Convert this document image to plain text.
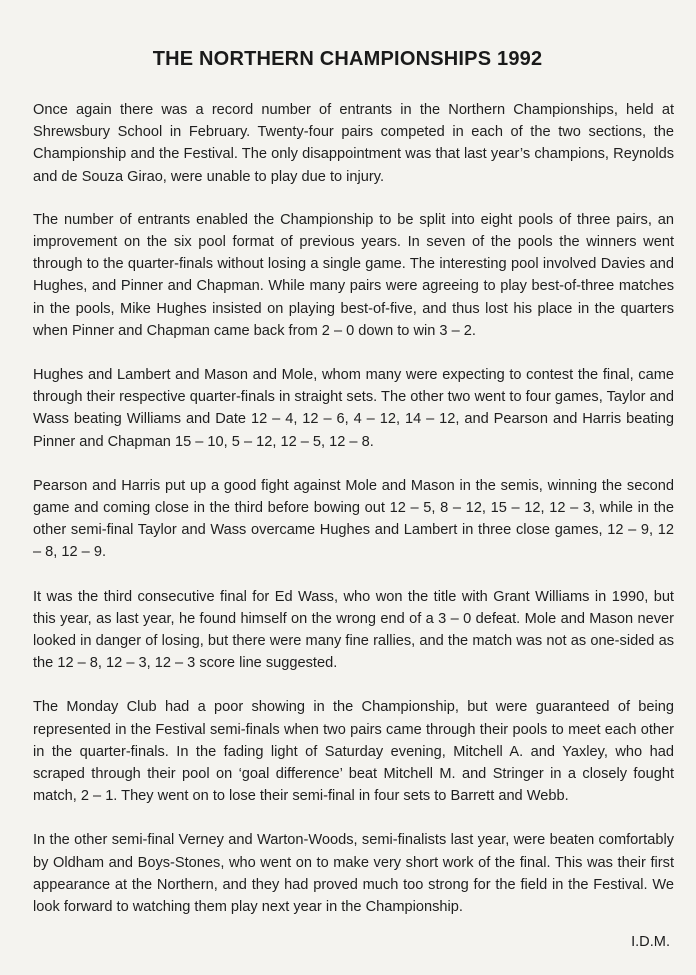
THE NORTHERN CHAMPIONSHIPS 1992

Once again there was a record number of entrants in the Northern Championships, held at Shrewsbury School in February. Twenty-four pairs competed in each of the two sections, the Championship and the Festival. The only disappointment was that last year’s champions, Reynolds and de Souza Girao, were unable to play due to injury.

The number of entrants enabled the Championship to be split into eight pools of three pairs, an improvement on the six pool format of previous years. In seven of the pools the winners went through to the quarter-finals without losing a single game. The interesting pool involved Davies and Hughes, and Pinner and Chapman. While many pairs were agreeing to play best-of-three matches in the pools, Mike Hughes insisted on playing best-of-five, and thus lost his place in the quarters when Pinner and Chapman came back from 2 – 0 down to win 3 – 2.

Hughes and Lambert and Mason and Mole, whom many were expecting to contest the final, came through their respective quarter-finals in straight sets. The other two went to four games, Taylor and Wass beating Williams and Date 12 – 4, 12 – 6, 4 – 12, 14 – 12, and Pearson and Harris beating Pinner and Chapman 15 – 10, 5 – 12, 12 – 5, 12 – 8.

Pearson and Harris put up a good fight against Mole and Mason in the semis, winning the second game and coming close in the third before bowing out 12 – 5, 8 – 12, 15 – 12, 12 – 3, while in the other semi-final Taylor and Wass overcame Hughes and Lambert in three close games, 12 – 9, 12 – 8, 12 – 9.

It was the third consecutive final for Ed Wass, who won the title with Grant Williams in 1990, but this year, as last year, he found himself on the wrong end of a 3 – 0 defeat. Mole and Mason never looked in danger of losing, but there were many fine rallies, and the match was not as one-sided as the 12 – 8, 12 – 3, 12 – 3 score line suggested.

The Monday Club had a poor showing in the Championship, but were guaranteed of being represented in the Festival semi-finals when two pairs came through their pools to meet each other in the quarter-finals. In the fading light of Saturday evening, Mitchell A. and Yaxley, who had scraped through their pool on ‘goal difference’ beat Mitchell M. and Stringer in a closely fought match, 2 – 1. They went on to lose their semi-final in four sets to Barrett and Webb.

In the other semi-final Verney and Warton-Woods, semi-finalists last year, were beaten comfortably by Oldham and Boys-Stones, who went on to make very short work of the final. This was their first appearance at the Northern, and they had proved much too strong for the field in the Festival. We look forward to watching them play next year in the Championship.

I.D.M.
